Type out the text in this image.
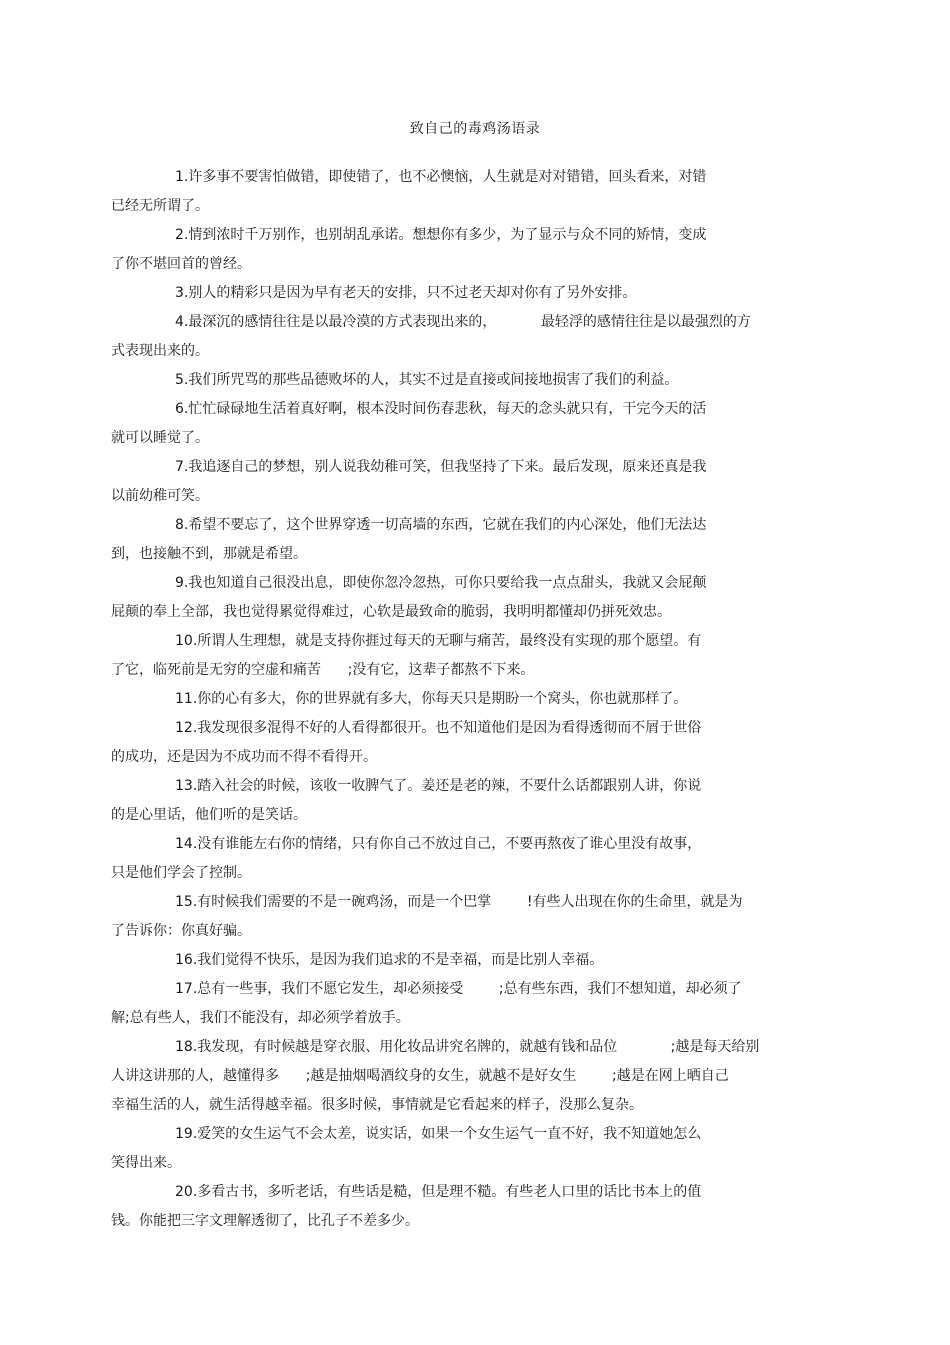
致自己的毒鸡汤语录
1.许多事不要害怕做错，即使错了，也不必懊恼，人生就是对对错错，回头看来，对错
已经无所谓了。
2.情到浓时千万别作，也别胡乱承诺。想想你有多少，为了显示与众不同的矫情，变成
了你不堪回首的曾经。
3.别人的精彩只是因为早有老天的安排，只不过老天却对你有了另外安排。
4.最深沉的感情往往是以最冷漠的方式表现出来的，          最轻浮的感情往往是以最强烈的方
式表现出来的。
5.我们所咒骂的那些品德败坏的人，其实不过是直接或间接地损害了我们的利益。
6.忙忙碌碌地生活着真好啊，根本没时间伤春悲秋，每天的念头就只有，干完今天的活
就可以睡觉了。
7.我追逐自己的梦想，别人说我幼稚可笑，但我坚持了下来。最后发现，原来还真是我
以前幼稚可笑。
8.希望不要忘了，这个世界穿透一切高墙的东西，它就在我们的内心深处，他们无法达
到，也接触不到，那就是希望。
9.我也知道自己很没出息，即使你忽冷忽热，可你只要给我一点点甜头，我就又会屁颠
屁颠的奉上全部，我也觉得累觉得难过，心软是最致命的脆弱，我明明都懂却仍拼死效忠。
10.所谓人生理想，就是支持你捱过每天的无聊与痛苦，最终没有实现的那个愿望。有
了它，临死前是无穷的空虚和痛苦      ;没有它，这辈子都熬不下来。
11.你的心有多大，你的世界就有多大，你每天只是期盼一个窝头，你也就那样了。
12.我发现很多混得不好的人看得都很开。也不知道他们是因为看得透彻而不屑于世俗
的成功，还是因为不成功而不得不看得开。
13.踏入社会的时候，该收一收脾气了。姜还是老的辣，不要什么话都跟别人讲，你说
的是心里话，他们听的是笑话。
14.没有谁能左右你的情绪，只有你自己不放过自己，不要再熬夜了谁心里没有故事，
只是他们学会了控制。
15.有时候我们需要的不是一碗鸡汤，而是一个巴掌        !有些人出现在你的生命里，就是为
了告诉你：你真好骗。
16.我们觉得不快乐，是因为我们追求的不是幸福，而是比别人幸福。
17.总有一些事，我们不愿它发生，却必须接受        ;总有些东西，我们不想知道，却必须了
解;总有些人，我们不能没有，却必须学着放手。
18.我发现，有时候越是穿衣服、用化妆品讲究名牌的，就越有钱和品位            ;越是每天给别
人讲这讲那的人，越懂得多      ;越是抽烟喝酒纹身的女生，就越不是好女生        ;越是在网上晒自己
幸福生活的人，就生活得越幸福。很多时候，事情就是它看起来的样子，没那么复杂。
19.爱笑的女生运气不会太差，说实话，如果一个女生运气一直不好，我不知道她怎么
笑得出来。
20.多看古书，多听老话，有些话是糙，但是理不糙。有些老人口里的话比书本上的值
钱。你能把三字文理解透彻了，比孔子不差多少。
